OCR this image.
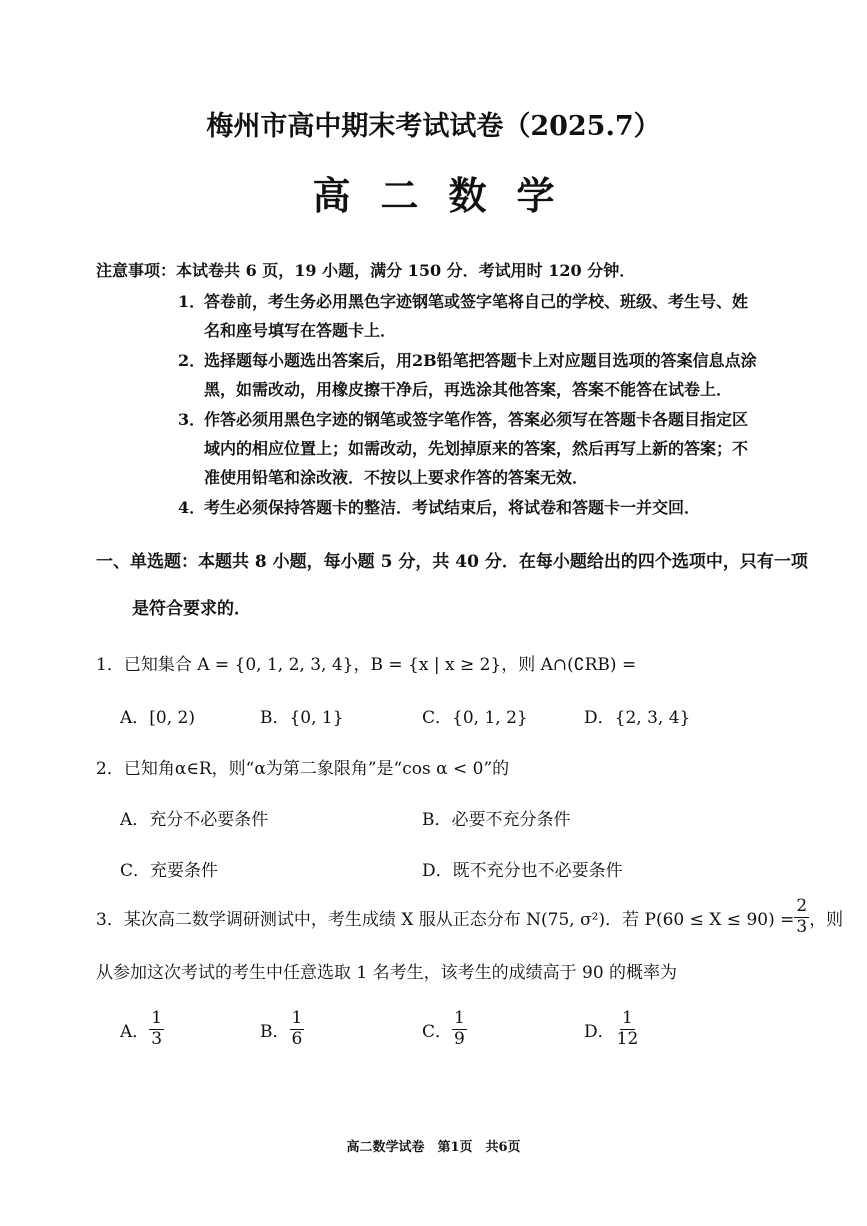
梅州市高中期末考试试卷（2025.7）
高二数学
注意事项：本试卷共 6 页，19 小题，满分 150 分．考试用时 120 分钟．
1．
答卷前，考生务必用黑色字迹钢笔或签字笔将自己的学校、班级、考生号、姓
名和座号填写在答题卡上．
2．
选择题每小题选出答案后，用2B铅笔把答题卡上对应题目选项的答案信息点涂
黑，如需改动，用橡皮擦干净后，再选涂其他答案，答案不能答在试卷上．
3．
作答必须用黑色字迹的钢笔或签字笔作答，答案必须写在答题卡各题目指定区
域内的相应位置上；如需改动，先划掉原来的答案，然后再写上新的答案；不
准使用铅笔和涂改液．不按以上要求作答的答案无效．
4．
考生必须保持答题卡的整洁．考试结束后，将试卷和答题卡一并交回．
一、单选题：本题共 8 小题，每小题 5 分，共 40 分．在每小题给出的四个选项中，只有一项
是符合要求的．
1．已知集合 A = {0, 1, 2, 3, 4}，B = {x | x ≥ 2}，则 A∩(∁RB) =
A．[0, 2)	B．{0, 1}	C．{0, 1, 2}	D．{2, 3, 4}
2．已知角α∈R，则“α为第二象限角”是“cos α < 0”的
A．充分不必要条件	B．必要不充分条件
C．充要条件	D．既不充分也不必要条件
3．某次高二数学调研测试中，考生成绩 X 服从正态分布 N(75, σ²)．若 $P(60 \le X \le 90) = \frac{2}{3}$ ，则
从参加这次考试的考生中任意选取 1 名考生，该考生的成绩高于 90 的概率为
A． $\frac{1}{3}$	B． $\frac{1}{6}$	C． $\frac{1}{9}$	D． $\frac{1}{12}$
高二数学试卷　第1页　共6页
